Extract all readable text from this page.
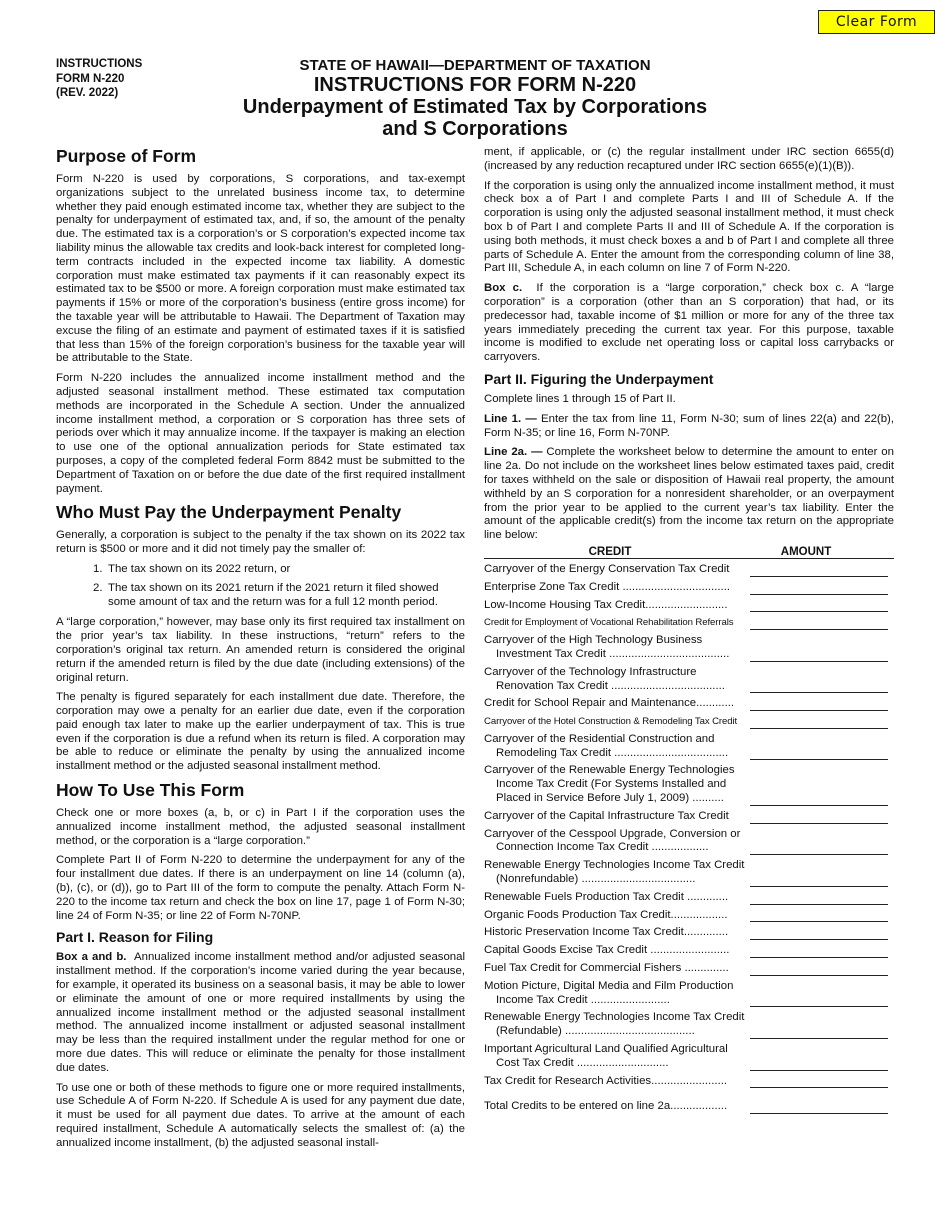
Clear Form
INSTRUCTIONS
FORM N-220
(REV. 2022)
STATE OF HAWAII—DEPARTMENT OF TAXATION
INSTRUCTIONS FOR FORM N-220
Underpayment of Estimated Tax by Corporations
and S Corporations
Purpose of Form

Form N-220 is used by corporations, S corporations, and tax-exempt organizations subject to the unrelated business income tax, to determine whether they paid enough estimated income tax, whether they are subject to the penalty for underpayment of estimated tax, and, if so, the amount of the penalty due. The estimated tax is a corporation’s or S corporation’s expected income tax liability minus the allowable tax credits and look-back interest for completed long-term contracts included in the expected income tax liability. A domestic corporation must make estimated tax payments if it can reasonably expect its estimated tax to be $500 or more. A foreign corporation must make estimated tax payments if 15% or more of the corporation’s business (entire gross income) for the taxable year will be attributable to Hawaii. The Department of Taxation may excuse the filing of an estimate and payment of estimated taxes if it is satisfied that less than 15% of the foreign corporation’s business for the taxable year will be attributable to the State.

Form N-220 includes the annualized income installment method and the adjusted seasonal installment method. These estimated tax computation methods are incorporated in the Schedule A section. Under the annualized income installment method, a corporation or S corporation has three sets of periods over which it may annualize income. If the taxpayer is making an election to use one of the optional annualization periods for State estimated tax purposes, a copy of the completed federal Form 8842 must be submitted to the Department of Taxation on or before the due date of the first required installment payment.

Who Must Pay the Underpayment Penalty

Generally, a corporation is subject to the penalty if the tax shown on its 2022 tax return is $500 or more and it did not timely pay the smaller of:

1. The tax shown on its 2022 return, or
2. The tax shown on its 2021 return if the 2021 return it filed showed some amount of tax and the return was for a full 12 month period.

A “large corporation,” however, may base only its first required tax installment on the prior year’s tax liability. In these instructions, “return” refers to the corporation’s original tax return. An amended return is considered the original return if the amended return is filed by the due date (including extensions) of the original return.

The penalty is figured separately for each installment due date. Therefore, the corporation may owe a penalty for an earlier due date, even if the corporation paid enough tax later to make up the earlier underpayment of tax. This is true even if the corporation is due a refund when its return is filed. A corporation may be able to reduce or eliminate the penalty by using the annualized income installment method or the adjusted seasonal installment method.

How To Use This Form

Check one or more boxes (a, b, or c) in Part I if the corporation uses the annualized income installment method, the adjusted seasonal installment method, or the corporation is a “large corporation.”

Complete Part II of Form N-220 to determine the underpayment for any of the four installment due dates. If there is an underpayment on line 14 (column (a), (b), (c), or (d)), go to Part III of the form to compute the penalty. Attach Form N-220 to the income tax return and check the box on line 17, page 1 of Form N-30; line 24 of Form N-35; or line 22 of Form N-70NP.

Part I. Reason for Filing

Box a and b. Annualized income installment method and/or adjusted seasonal installment method. If the corporation’s income varied during the year because, for example, it operated its business on a seasonal basis, it may be able to lower or eliminate the amount of one or more required installments by using the annualized income installment method or the adjusted seasonal installment method. The annualized income installment or adjusted seasonal installment may be less than the required installment under the regular method for one or more due dates. This will reduce or eliminate the penalty for those installment due dates.

To use one or both of these methods to figure one or more required installments, use Schedule A of Form N-220. If Schedule A is used for any payment due date, it must be used for all payment due dates. To arrive at the amount of each required installment, Schedule A automatically selects the smallest of: (a) the annualized income installment, (b) the adjusted seasonal install-

ment, if applicable, or (c) the regular installment under IRC section 6655(d) (increased by any reduction recaptured under IRC section 6655(e)(1)(B)).

If the corporation is using only the annualized income installment method, it must check box a of Part I and complete Parts I and III of Schedule A. If the corporation is using only the adjusted seasonal installment method, it must check box b of Part I and complete Parts II and III of Schedule A. If the corporation is using both methods, it must check boxes a and b of Part I and complete all three parts of Schedule A. Enter the amount from the corresponding column of line 38, Part III, Schedule A, in each column on line 7 of Form N-220.

Box c. If the corporation is a “large corporation,” check box c. A “large corporation” is a corporation (other than an S corporation) that had, or its predecessor had, taxable income of $1 million or more for any of the three tax years immediately preceding the current tax year. For this purpose, taxable income is modified to exclude net operating loss or capital loss carrybacks or carryovers.

Part II. Figuring the Underpayment

Complete lines 1 through 15 of Part II.

Line 1. — Enter the tax from line 11, Form N-30; sum of lines 22(a) and 22(b), Form N-35; or line 16, Form N-70NP.

Line 2a. — Complete the worksheet below to determine the amount to enter on line 2a. Do not include on the worksheet lines below estimated taxes paid, credit for taxes withheld on the sale or disposition of Hawaii real property, the amount withheld by an S corporation for a nonresident shareholder, or an overpayment from the prior year to be applied to the current year’s tax liability. Enter the amount of the applicable credit(s) from the income tax return on the appropriate line below:

CREDIT	AMOUNT
Carryover of the Energy Conservation Tax Credit
Enterprise Zone Tax Credit ..................................
Low-Income Housing Tax Credit..........................
Credit for Employment of Vocational Rehabilitation Referrals
Carryover of the High Technology Business Investment Tax Credit ......................................
Carryover of the Technology Infrastructure Renovation Tax Credit ....................................
Credit for School Repair and Maintenance............
Carryover of the Hotel Construction & Remodeling Tax Credit
Carryover of the Residential Construction and Remodeling Tax Credit ....................................
Carryover of the Renewable Energy Technologies Income Tax Credit (For Systems Installed and Placed in Service Before July 1, 2009) ..........
Carryover of the Capital Infrastructure Tax Credit
Carryover of the Cesspool Upgrade, Conversion or Connection Income Tax Credit ..................
Renewable Energy Technologies Income Tax Credit (Nonrefundable) ....................................
Renewable Fuels Production Tax Credit .............
Organic Foods Production Tax Credit..................
Historic Preservation Income Tax Credit..............
Capital Goods Excise Tax Credit .........................
Fuel Tax Credit for Commercial Fishers ..............
Motion Picture, Digital Media and Film Production Income Tax Credit .........................
Renewable Energy Technologies Income Tax Credit (Refundable) .........................................
Important Agricultural Land Qualified Agricultural Cost Tax Credit .............................
Tax Credit for Research Activities........................
Total Credits to be entered on line 2a..................
